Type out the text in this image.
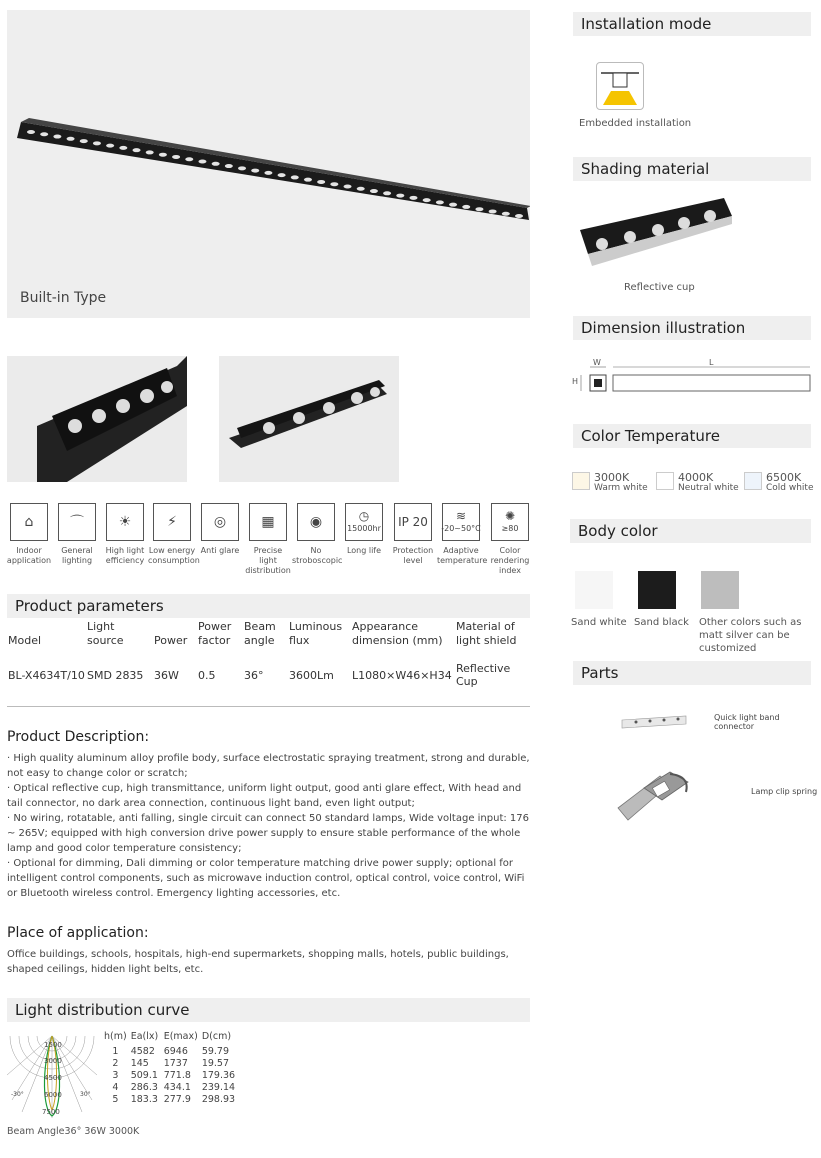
Built-in Type
⌂
Indoor application
⌒
General lighting
☀
High light efficiency
⚡
Low energy consumption
◎
Anti glare
▦
Precise light distribution
◉
No stroboscopic
◷
15000hr
Long life
IP 20
Protection level
≋
-20~50°C
Adaptive temperature
✺
≥80
Color rendering index
Product parameters
Model	Light source	Power	Power factor	Beam angle	Luminous flux	Appearance dimension (mm)	Material of light shield
BL-X4634T/10	SMD 2835	36W	0.5	36°	3600Lm	L1080×W46×H34	Reflective Cup
Product Description:
· High quality aluminum alloy profile body, surface electrostatic spraying treatment, strong and durable, not easy to change color or scratch;
· Optical reflective cup, high transmittance, uniform light output, good anti glare effect, With head and tail connector, no dark area connection, continuous light band, even light output;
· No wiring, rotatable, anti falling, single circuit can connect 50 standard lamps, Wide voltage input: 176 ~ 265V; equipped with high conversion drive power supply to ensure stable performance of the whole lamp and good color temperature consistency;
· Optional for dimming, Dali dimming or color temperature matching drive power supply; optional for intelligent control components, such as microwave induction control, optical control, voice control, WiFi or Bluetooth wireless control. Emergency lighting accessories, etc.
Place of application:
Office buildings, schools, hospitals, high-end supermarkets, shopping malls, hotels, public buildings, shaped ceilings, hidden light belts, etc.
Light distribution curve
1500
3000
4500
6000
7500
-30°	30°
h(m)	Ea(lx)	E(max)	D(cm)
1	4582	6946	59.79
2	145	1737	19.57
3	509.1	771.8	179.36
4	286.3	434.1	239.14
5	183.3	277.9	298.93
Beam Angle36° 36W 3000K
Installation mode
Embedded installation
Shading material
Reflective cup
Dimension illustration
W	L
H
Color Temperature
3000K
Warm white
4000K
Neutral white
6500K
Cold white
Body color
Sand white Sand black Other colors such as matt silver can be customized
Parts
Quick light band connector
Lamp clip spring
